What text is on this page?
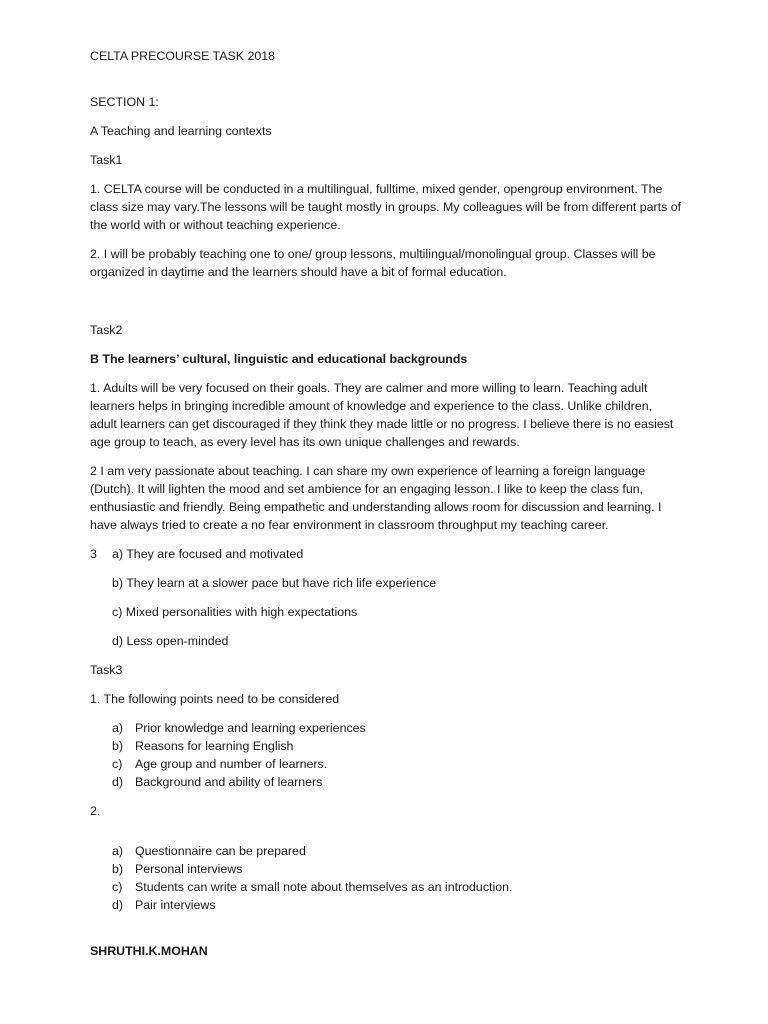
CELTA PRECOURSE TASK 2018

SECTION 1:

A Teaching and learning contexts

Task1

1. CELTA course will be conducted in a multilingual, fulltime, mixed gender, opengroup environment. The class size may vary.The lessons will be taught mostly in groups. My colleagues will be from different parts of the world with or without teaching experience.

2. I will be probably teaching one to one/ group lessons, multilingual/monolingual group. Classes will be organized in daytime and the learners should have a bit of formal education.

Task2

B The learners’ cultural, linguistic and educational backgrounds

1. Adults will be very focused on their goals. They are calmer and more willing to learn. Teaching adult learners helps in bringing incredible amount of knowledge and experience to the class. Unlike children, adult learners can get discouraged if they think they made little or no progress. I believe there is no easiest age group to teach, as every level has its own unique challenges and rewards.

2 I am very passionate about teaching. I can share my own experience of learning a foreign language (Dutch). It will lighten the mood and set ambience for an engaging lesson. I like to keep the class fun, enthusiastic and friendly. Being empathetic and understanding allows room for discussion and learning. I have always tried to create a no fear environment in classroom throughput my teaching career.

3	a) They are focused and motivated
b) They learn at a slower pace but have rich life experience
c) Mixed personalities with high expectations
d) Less open-minded

Task3

1. The following points need to be considered

a) Prior knowledge and learning experiences
b) Reasons for learning English
c)	Age group and number of learners.
d) Background and ability of learners

2.

a) Questionnaire can be prepared
b) Personal interviews
c)	Students can write a small note about themselves as an introduction.
d) Pair interviews

SHRUTHI.K.MOHAN
